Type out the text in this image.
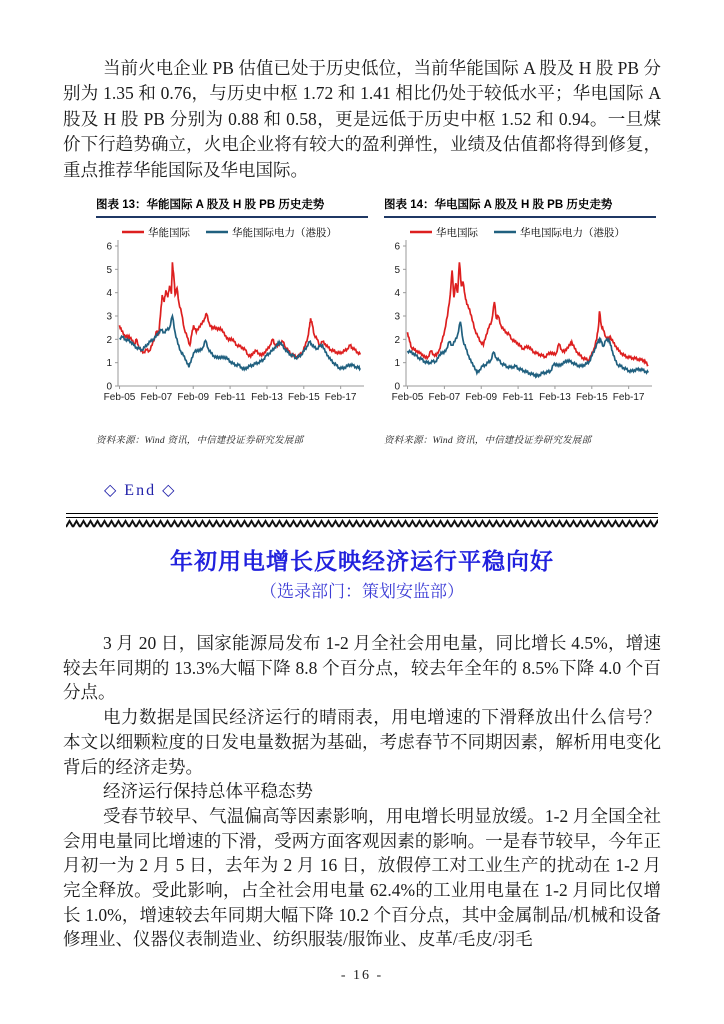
当前火电企业 PB 估值已处于历史低位，当前华能国际 A 股及 H 股 PB 分别为 1.35 和 0.76，与历史中枢 1.72 和 1.41 相比仍处于较低水平；华电国际 A 股及 H 股 PB 分别为 0.88 和 0.58，更是远低于历史中枢 1.52 和 0.94。一旦煤价下行趋势确立，火电企业将有较大的盈利弹性，业绩及估值都将得到修复，重点推荐华能国际及华电国际。
图表 13：华能国际 A 股及 H 股 PB 历史走势
0
1
2
3
4
5
6
Feb-05 Feb-07 Feb-09 Feb-11 Feb-13 Feb-15 Feb-17
华能国际	华能国际电力（港股）
资料来源：Wind 资讯，中信建投证券研究发展部
图表 14：华电国际 A 股及 H 股 PB 历史走势
0
1
2
3
4
5
6
Feb-05 Feb-07 Feb-09 Feb-11 Feb-13 Feb-15 Feb-17
华电国际	华电国际电力（港股）
资料来源：Wind 资讯，中信建投证券研究发展部
◇ End ◇
年初用电增长反映经济运行平稳向好
（选录部门：策划安监部）

3 月 20 日，国家能源局发布 1-2 月全社会用电量，同比增长 4.5%，增速较去年同期的 13.3%大幅下降 8.8 个百分点，较去年全年的 8.5%下降 4.0 个百分点。

电力数据是国民经济运行的晴雨表，用电增速的下滑释放出什么信号？本文以细颗粒度的日发电量数据为基础，考虑春节不同期因素，解析用电变化背后的经济走势。

经济运行保持总体平稳态势

受春节较早、气温偏高等因素影响，用电增长明显放缓。1-2 月全国全社会用电量同比增速的下滑，受两方面客观因素的影响。一是春节较早，今年正月初一为 2 月 5 日，去年为 2 月 16 日，放假停工对工业生产的扰动在 1-2 月完全释放。受此影响，占全社会用电量 62.4%的工业用电量在 1-2 月同比仅增长 1.0%，增速较去年同期大幅下降 10.2 个百分点，其中金属制品/机械和设备修理业、仪器仪表制造业、纺织服装/服饰业、皮革/毛皮/羽毛

- 16 -
